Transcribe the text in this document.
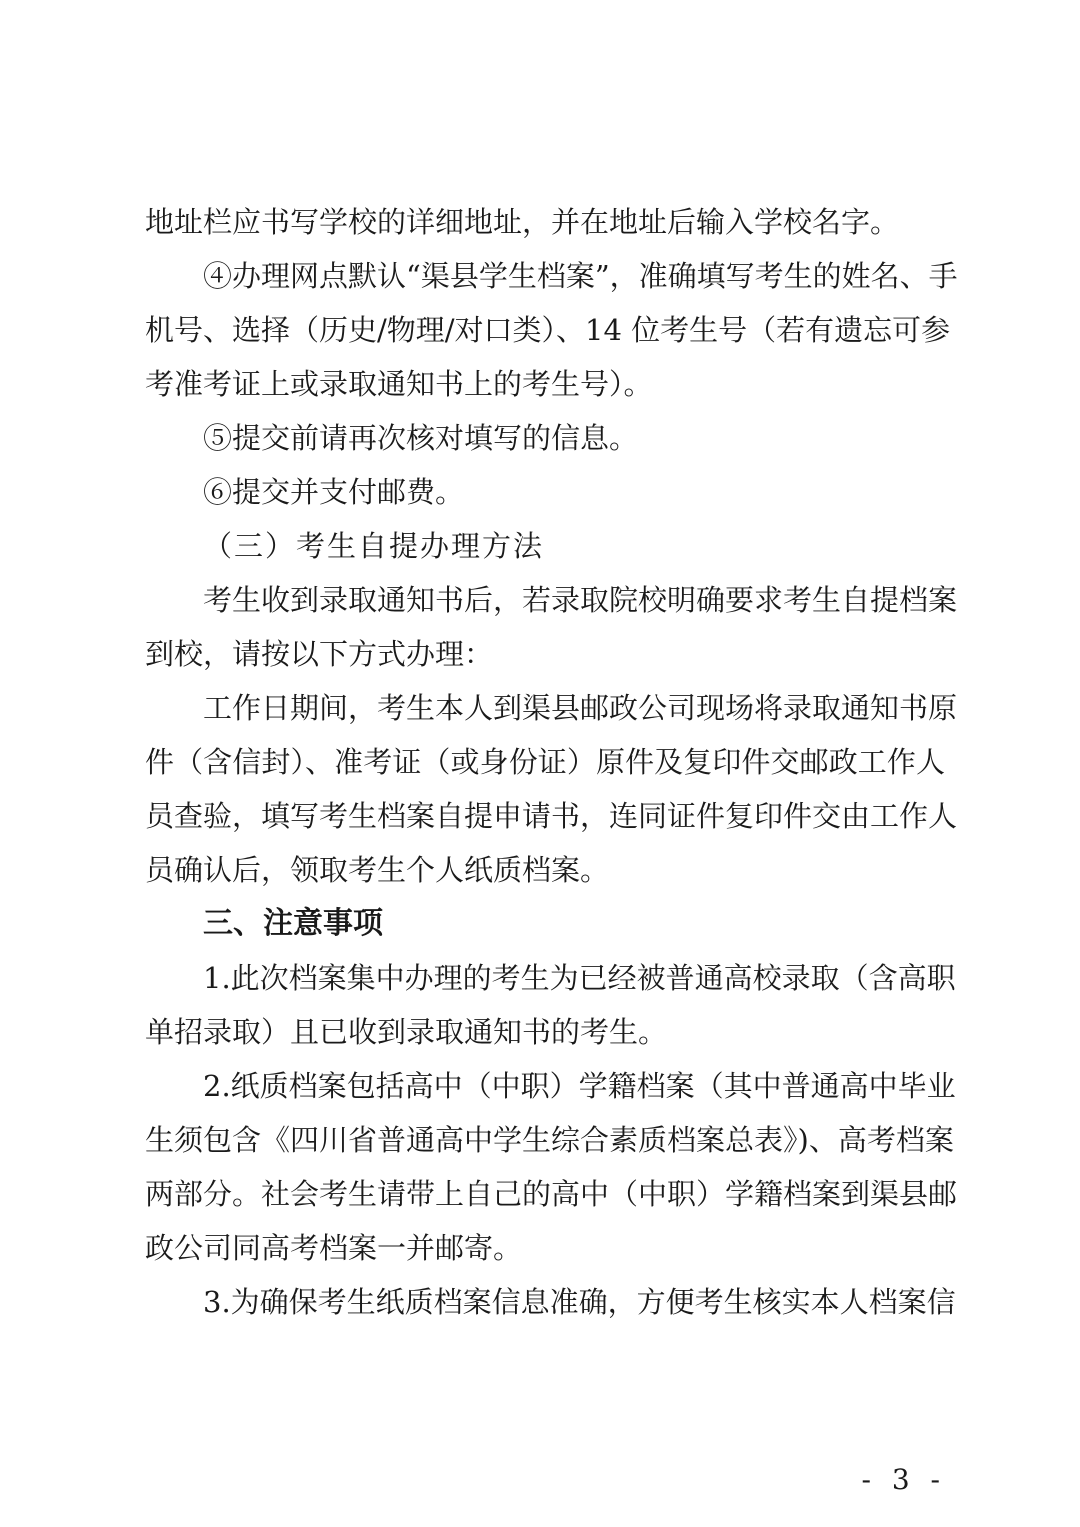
地址栏应书写学校的详细地址，并在地址后输入学校名字。
④办理网点默认“渠县学生档案”，准确填写考生的姓名、手
机号、选择（历史/物理/对口类）、14 位考生号（若有遗忘可参
考准考证上或录取通知书上的考生号）。
⑤提交前请再次核对填写的信息。
⑥提交并支付邮费。
（三）考生自提办理方法
考生收到录取通知书后，若录取院校明确要求考生自提档案
到校，请按以下方式办理：
工作日期间，考生本人到渠县邮政公司现场将录取通知书原
件（含信封）、准考证（或身份证）原件及复印件交邮政工作人
员查验，填写考生档案自提申请书，连同证件复印件交由工作人
员确认后，领取考生个人纸质档案。
三、注意事项
1.此次档案集中办理的考生为已经被普通高校录取（含高职
单招录取）且已收到录取通知书的考生。
2.纸质档案包括高中（中职）学籍档案（其中普通高中毕业
生须包含《四川省普通高中学生综合素质档案总表》)、高考档案
两部分。社会考生请带上自己的高中（中职）学籍档案到渠县邮
政公司同高考档案一并邮寄。
3.为确保考生纸质档案信息准确，方便考生核实本人档案信
- 3 -
